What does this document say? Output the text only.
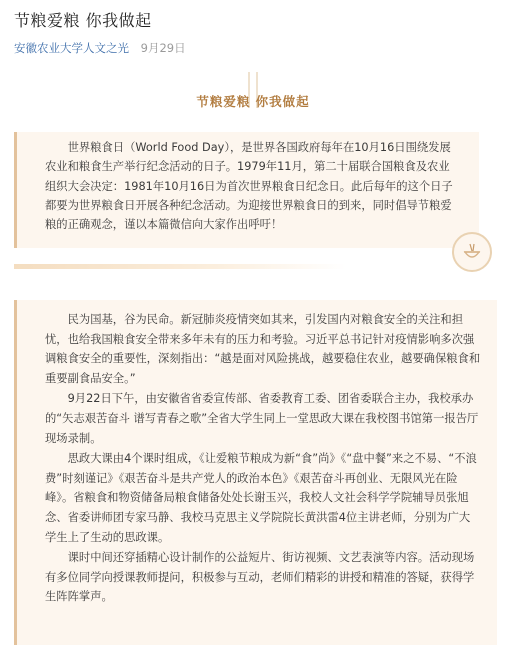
节粮爱粮 你我做起
安徽农业大学人文之光 9月29日
节粮爱粮 你我做起
世界粮食日（World Food Day），是世界各国政府每年在10月16日围绕发展农业和粮食生产举行纪念活动的日子。1979年11月，第二十届联合国粮食及农业组织大会决定：1981年10月16日为首次世界粮食日纪念日。此后每年的这个日子都要为世界粮食日开展各种纪念活动。为迎接世界粮食日的到来，同时倡导节粮爱粮的正确观念，谨以本篇微信向大家作出呼吁！

民为国基，谷为民命。新冠肺炎疫情突如其来，引发国内对粮食安全的关注和担忧，也给我国粮食安全带来多年未有的压力和考验。习近平总书记针对疫情影响多次强调粮食安全的重要性，深刻指出：“越是面对风险挑战，越要稳住农业，越要确保粮食和重要副食品安全。”

9月22日下午，由安徽省省委宣传部、省委教育工委、团省委联合主办，我校承办的“矢志艰苦奋斗 谱写青春之歌”全省大学生同上一堂思政大课在我校图书馆第一报告厅现场录制。

思政大课由4个课时组成，《让爱粮节粮成为新“食”尚》《“盘中餐”来之不易、“不浪费”时刻谨记》《艰苦奋斗是共产党人的政治本色》《艰苦奋斗再创业、无限风光在险峰》。省粮食和物资储备局粮食储备处处长谢玉兴，我校人文社会科学学院辅导员张旭念、省委讲师团专家马静、我校马克思主义学院院长黄洪雷4位主讲老师，分别为广大学生上了生动的思政课。

课时中间还穿插精心设计制作的公益短片、街访视频、文艺表演等内容。活动现场有多位同学向授课教师提问，积极参与互动，老师们精彩的讲授和精准的答疑，获得学生阵阵掌声。
